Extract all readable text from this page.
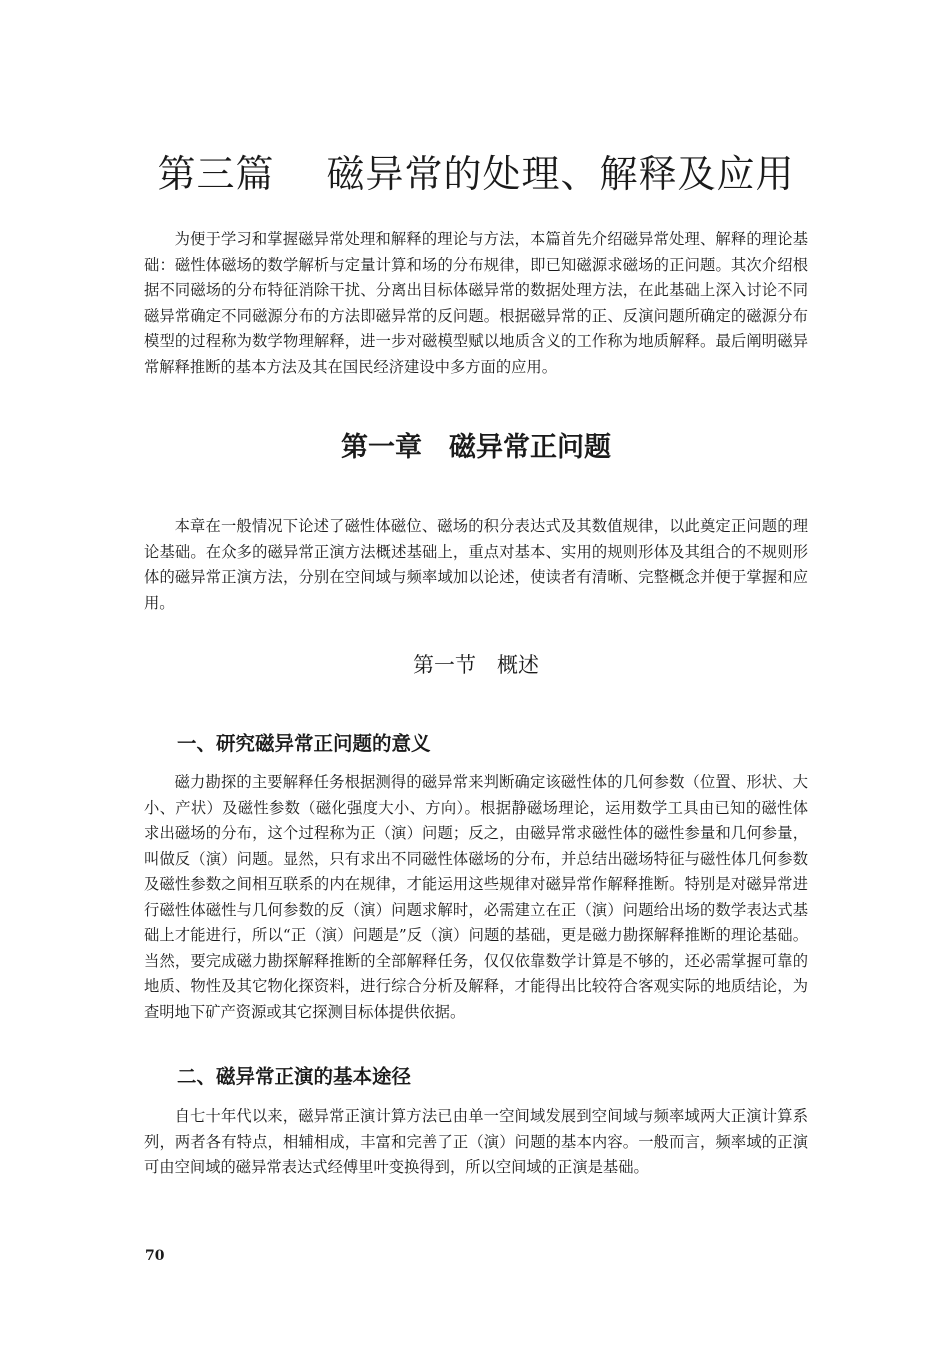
第三篇　 磁异常的处理、解释及应用

为便于学习和掌握磁异常处理和解释的理论与方法，本篇首先介绍磁异常处理、解释的理论基础：磁性体磁场的数学解析与定量计算和场的分布规律，即已知磁源求磁场的正问题。其次介绍根据不同磁场的分布特征消除干扰、分离出目标体磁异常的数据处理方法，在此基础上深入讨论不同磁异常确定不同磁源分布的方法即磁异常的反问题。根据磁异常的正、反演问题所确定的磁源分布模型的过程称为数学物理解释，进一步对磁模型赋以地质含义的工作称为地质解释。最后阐明磁异常解释推断的基本方法及其在国民经济建设中多方面的应用。

第一章　磁异常正问题

本章在一般情况下论述了磁性体磁位、磁场的积分表达式及其数值规律，以此奠定正问题的理论基础。在众多的磁异常正演方法概述基础上，重点对基本、实用的规则形体及其组合的不规则形体的磁异常正演方法，分别在空间域与频率域加以论述，使读者有清晰、完整概念并便于掌握和应用。

第一节　概述
一、研究磁异常正问题的意义

磁力勘探的主要解释任务根据测得的磁异常来判断确定该磁性体的几何参数（位置、形状、大小、产状）及磁性参数（磁化强度大小、方向）。根据静磁场理论，运用数学工具由已知的磁性体求出磁场的分布，这个过程称为正（演）问题；反之，由磁异常求磁性体的磁性参量和几何参量，叫做反（演）问题。显然，只有求出不同磁性体磁场的分布，并总结出磁场特征与磁性体几何参数及磁性参数之间相互联系的内在规律，才能运用这些规律对磁异常作解释推断。特别是对磁异常进行磁性体磁性与几何参数的反（演）问题求解时，必需建立在正（演）问题给出场的数学表达式基础上才能进行，所以“正（演）问题是”反（演）问题的基础，更是磁力勘探解释推断的理论基础。当然，要完成磁力勘探解释推断的全部解释任务，仅仅依靠数学计算是不够的，还必需掌握可靠的地质、物性及其它物化探资料，进行综合分析及解释，才能得出比较符合客观实际的地质结论，为查明地下矿产资源或其它探测目标体提供依据。

二、磁异常正演的基本途径

自七十年代以来，磁异常正演计算方法已由单一空间域发展到空间域与频率域两大正演计算系列，两者各有特点，相辅相成，丰富和完善了正（演）问题的基本内容。一般而言，频率域的正演可由空间域的磁异常表达式经傅里叶变换得到，所以空间域的正演是基础。

70
